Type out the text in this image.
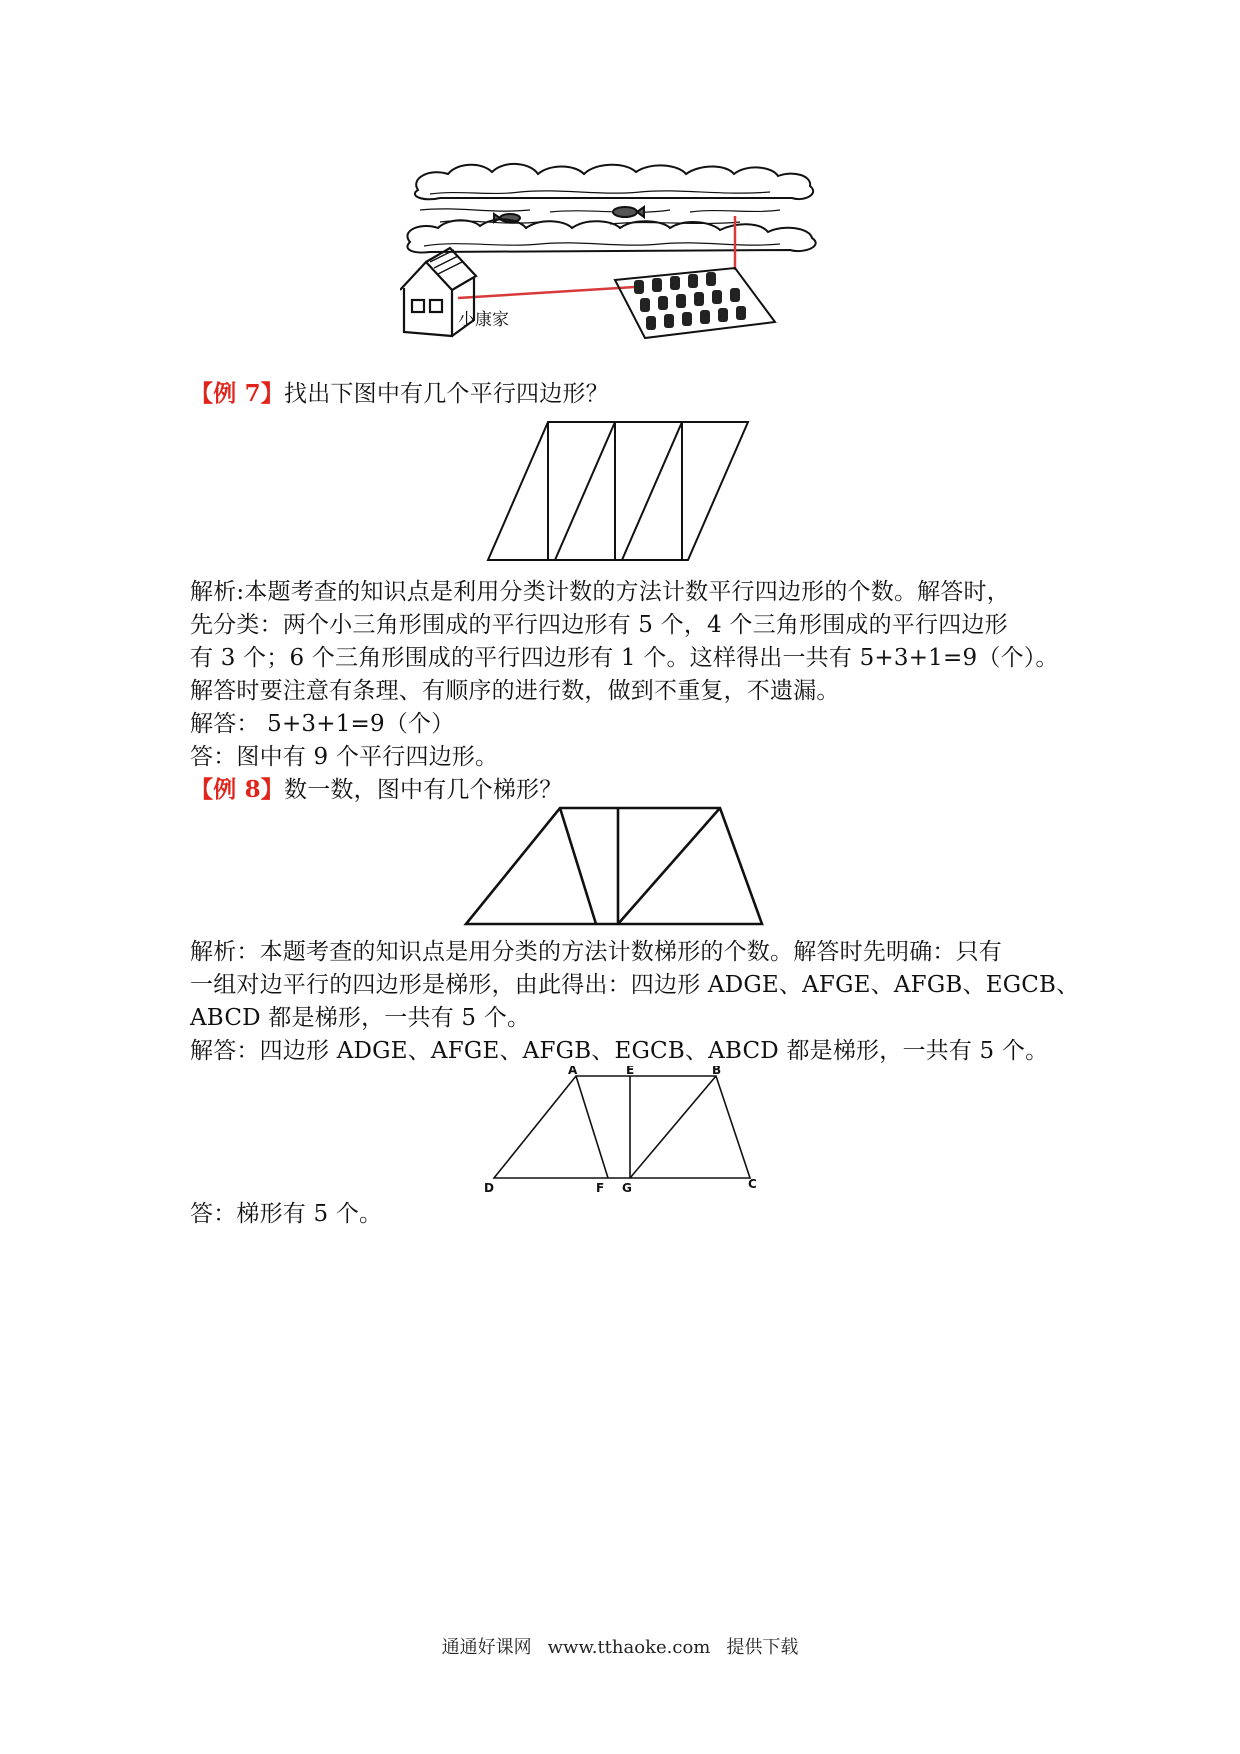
小康家
【例 7】找出下图中有几个平行四边形？
解析:本题考查的知识点是利用分类计数的方法计数平行四边形的个数。解答时，
先分类：两个小三角形围成的平行四边形有 5 个，4 个三角形围成的平行四边形
有 3 个；6 个三角形围成的平行四边形有 1 个。这样得出一共有 5+3+1=9（个）。
解答时要注意有条理、有顺序的进行数，做到不重复，不遗漏。
解答： 5+3+1=9（个）
答：图中有 9 个平行四边形。
【例 8】数一数，图中有几个梯形？
解析：本题考查的知识点是用分类的方法计数梯形的个数。解答时先明确：只有
一组对边平行的四边形是梯形，由此得出：四边形 ADGE、AFGE、AFGB、EGCB、
ABCD 都是梯形，一共有 5 个。
解答：四边形 ADGE、AFGE、AFGB、EGCB、ABCD 都是梯形，一共有 5 个。
A	E	B
D	F G	C
答：梯形有 5 个。
通通好课网 www.tthaoke.com 提供下载
